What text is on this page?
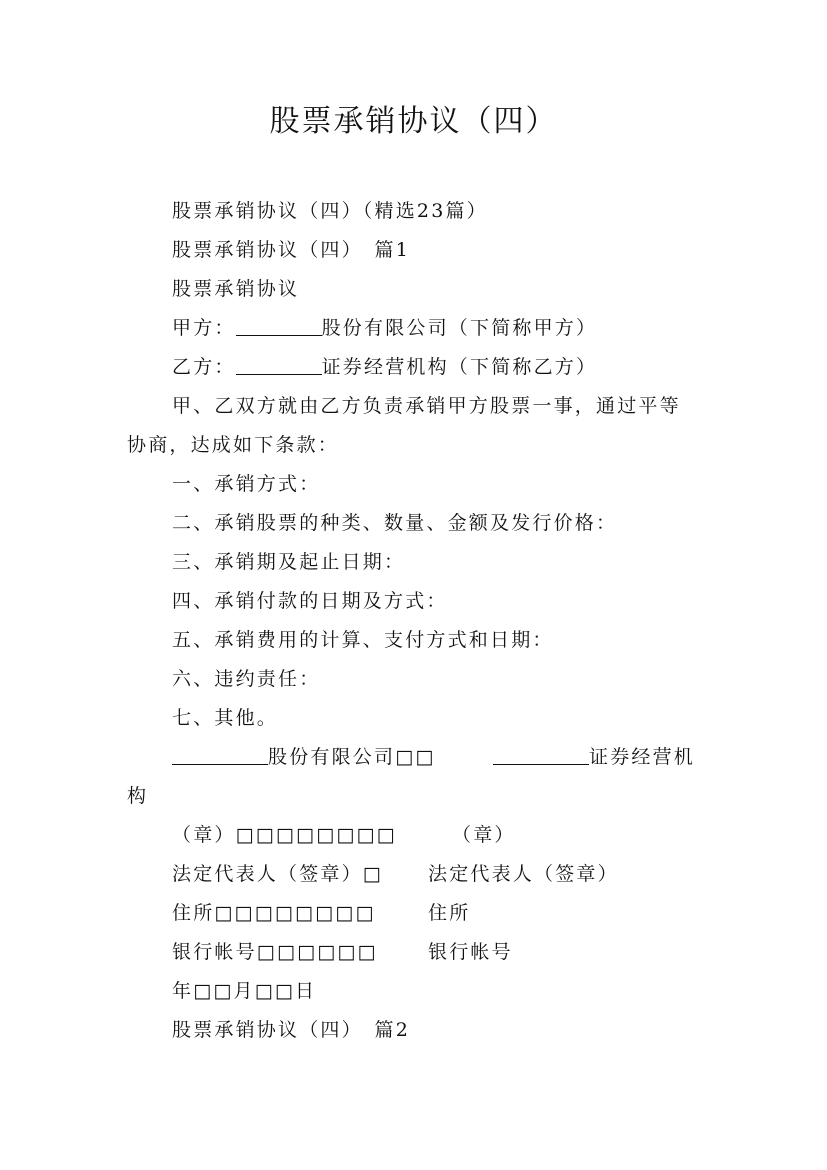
股票承销协议（四）
股票承销协议（四）（精选23篇）
股票承销协议（四）　篇1
股票承销协议
甲方：	股份有限公司（下简称甲方）
乙方：	证券经营机构（下简称乙方）
甲、乙双方就由乙方负责承销甲方股票一事，通过平等
协商，达成如下条款：
一、承销方式：
二、承销股票的种类、数量、金额及发行价格：
三、承销期及起止日期：
四、承销付款的日期及方式：
五、承销费用的计算、支付方式和日期：
六、违约责任：
七、其他。
股份有限公司□□	证券经营机
构
（章）□□□□□□□□	（章）
法定代表人（签章）□ 法定代表人（签章）
住所□□□□□□□□	住所
银行帐号□□□□□□	银行帐号
年□□月□□日
股票承销协议（四）　篇2
